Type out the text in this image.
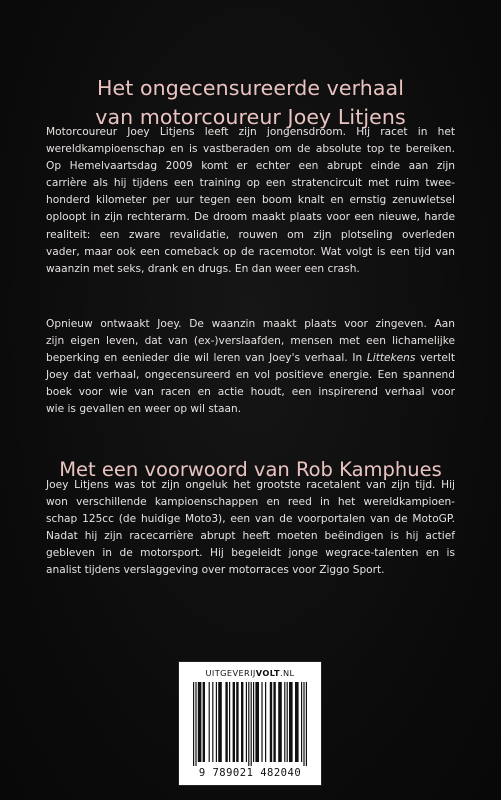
Het ongecensureerde verhaal
van motorcoureur Joey Litjens

Motorcoureur Joey Litjens leeft zijn jongensdroom. Hij racet in het
wereldkampioenschap en is vastberaden om de absolute top te bereiken.
Op Hemelvaartsdag 2009 komt er echter een abrupt einde aan zijn
carrière als hij tijdens een training op een stratencircuit met ruim twee-
honderd kilometer per uur tegen een boom knalt en ernstig zenuwletsel
oploopt in zijn rechterarm. De droom maakt plaats voor een nieuwe, harde
realiteit: een zware revalidatie, rouwen om zijn plotseling overleden
vader, maar ook een comeback op de racemotor. Wat volgt is een tijd van
waanzin met seks, drank en drugs. En dan weer een crash.

Opnieuw ontwaakt Joey. De waanzin maakt plaats voor zingeven. Aan
zijn eigen leven, dat van (ex-)verslaafden, mensen met een lichamelijke
beperking en eenieder die wil leren van Joey's verhaal. In Littekens vertelt
Joey dat verhaal, ongecensureerd en vol positieve energie. Een spannend
boek voor wie van racen en actie houdt, een inspirerend verhaal voor
wie is gevallen en weer op wil staan.

Met een voorwoord van Rob Kamphues

Joey Litjens was tot zijn ongeluk het grootste racetalent van zijn tijd. Hij
won verschillende kampioenschappen en reed in het wereldkampioen-
schap 125cc (de huidige Moto3), een van de voorportalen van de MotoGP.
Nadat hij zijn racecarrière abrupt heeft moeten beëindigen is hij actief
gebleven in de motorsport. Hij begeleidt jonge wegrace-talenten en is
analist tijdens verslaggeving over motorraces voor Ziggo Sport.

UITGEVERIJVOLT.NL
9 789021 482040
